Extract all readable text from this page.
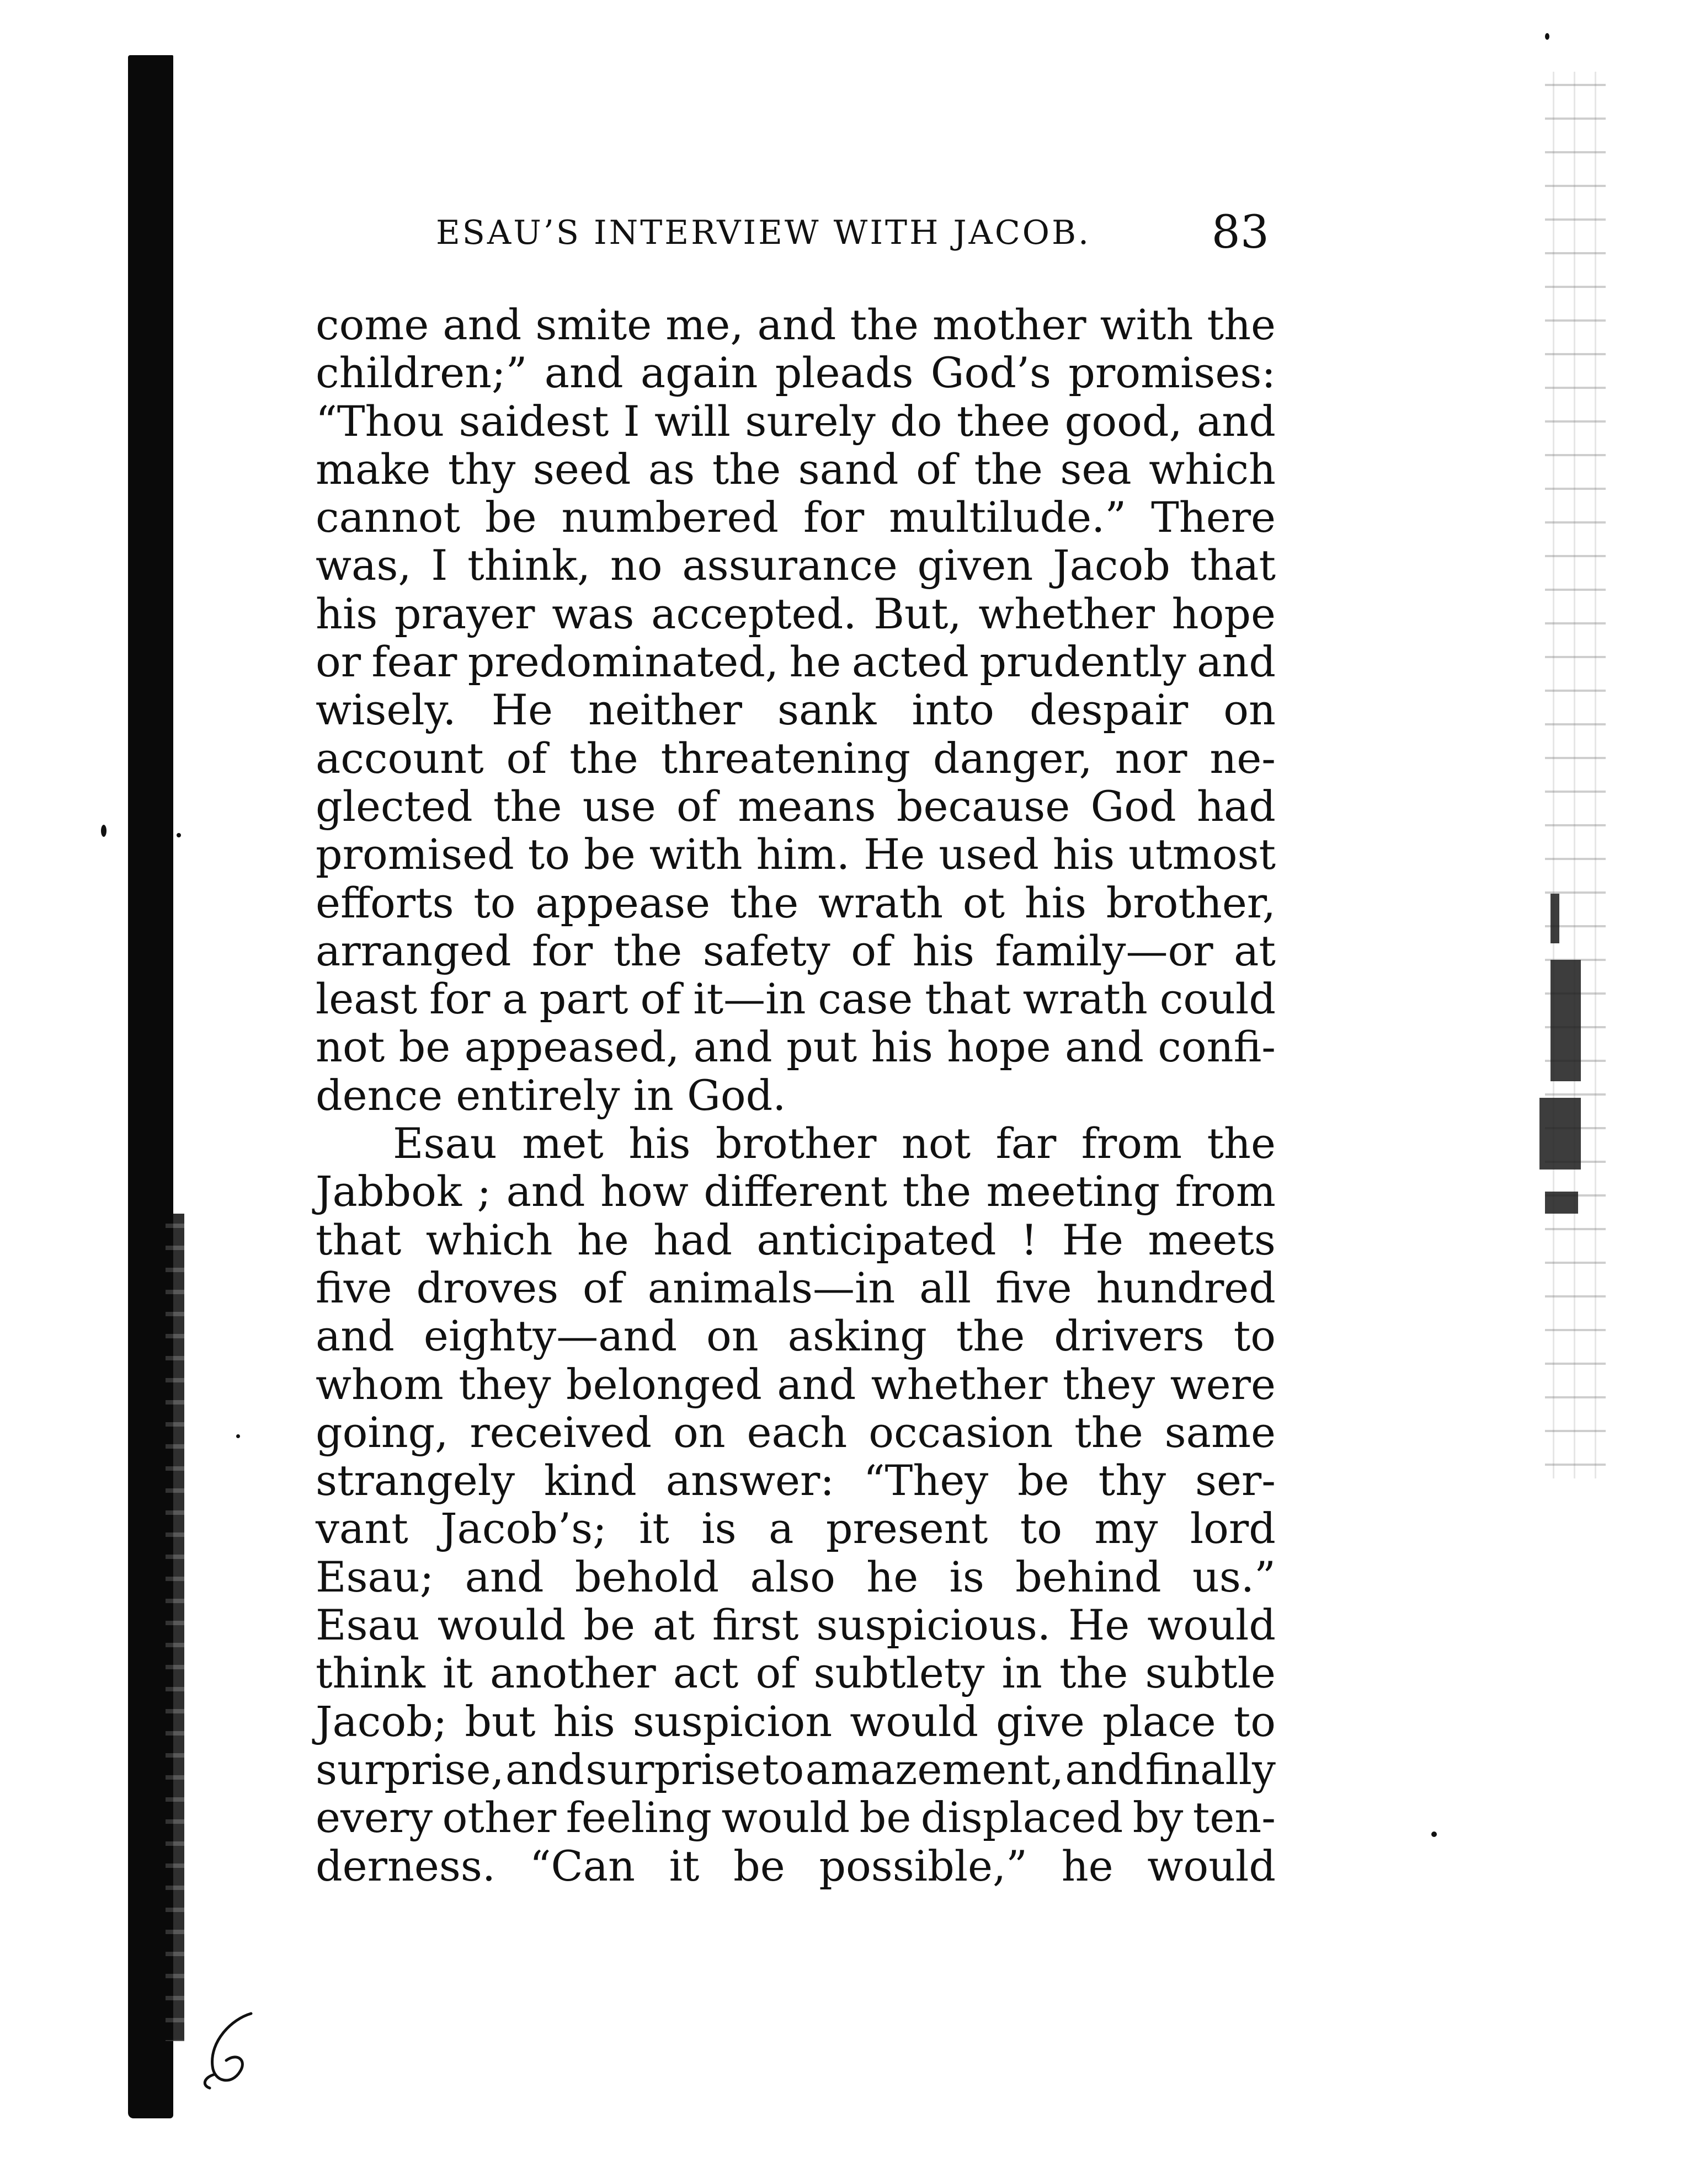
ESAU’S INTERVIEW WITH JACOB.	83
come and smite me, and the mother with the
children;” and again pleads God’s promises:
“Thou saidest I will surely do thee good, and
make thy seed as the sand of the sea which
cannot be numbered for multilude.” There
was, I think, no assurance given Jacob that
his prayer was accepted. But, whether hope
or fear predominated, he acted prudently and
wisely. He neither sank into despair on
account of the threatening danger, nor ne-
glected the use of means because God had
promised to be with him. He used his utmost
efforts to appease the wrath ot his brother,
arranged for the safety of his family—or at
least for a part of it—in case that wrath could
not be appeased, and put his hope and confi-
dence entirely in God.
Esau met his brother not far from the
Jabbok ; and how different the meeting from
that which he had anticipated ! He meets
five droves of animals—in all five hundred
and eighty—and on asking the drivers to
whom they belonged and whether they were
going, received on each occasion the same
strangely kind answer: “They be thy ser-
vant Jacob’s; it is a present to my lord
Esau; and behold also he is behind us.”
Esau would be at first suspicious. He would
think it another act of subtlety in the subtle
Jacob; but his suspicion would give place to
surprise, and surprise to amazement, and finally
every other feeling would be displaced by ten-
derness. “Can it be possible,” he would
